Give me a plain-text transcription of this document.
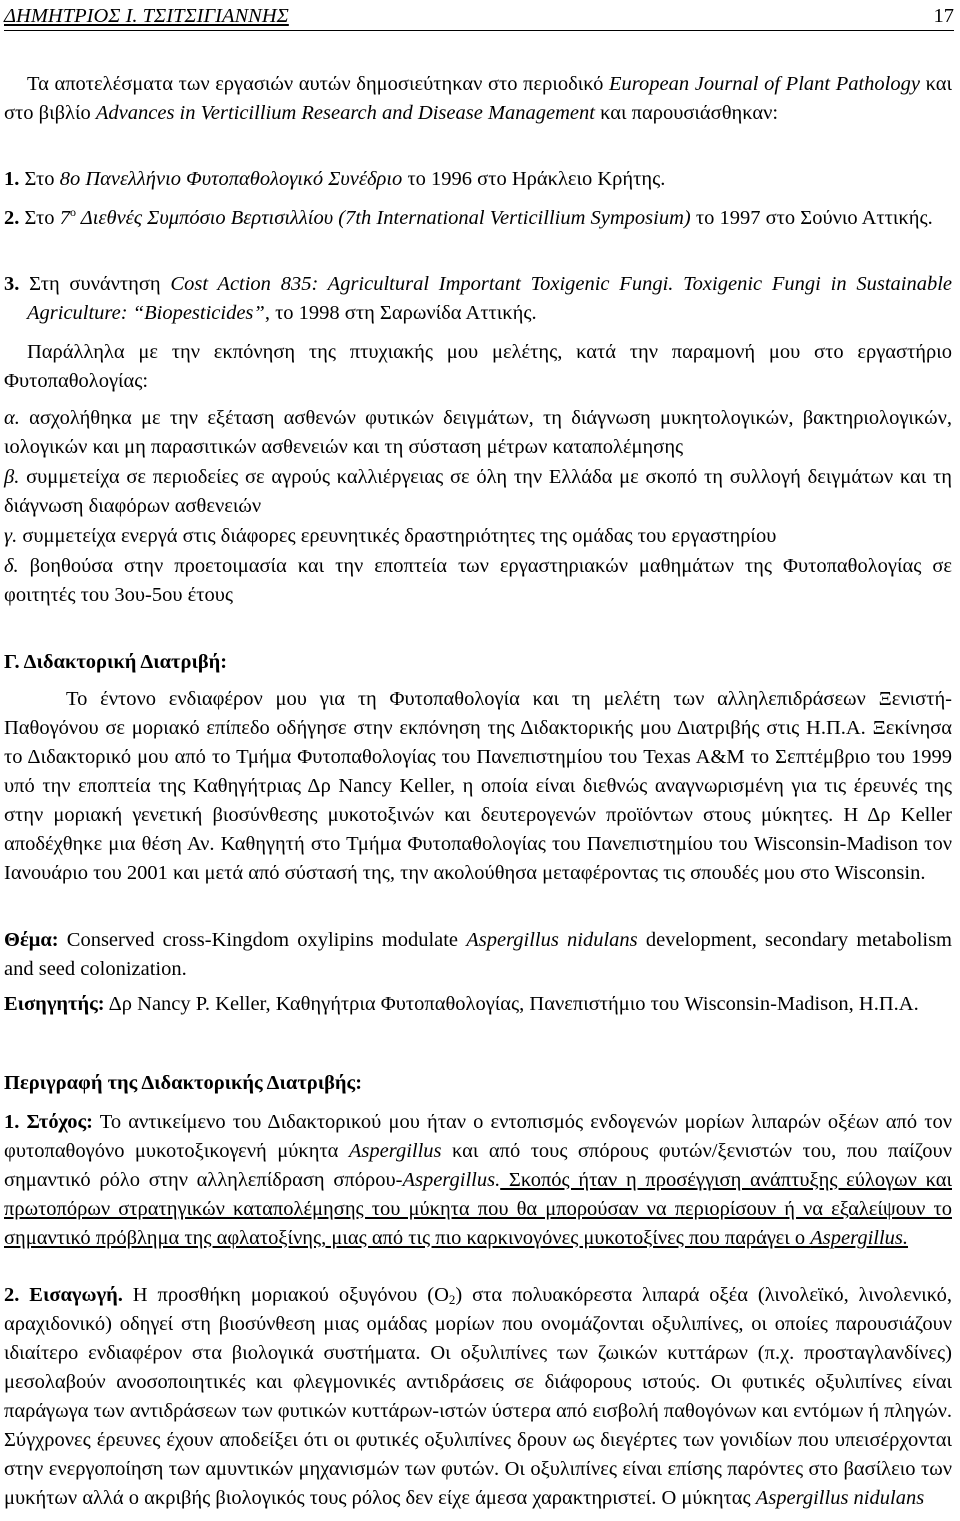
ΔΗΜΗΤΡΙΟΣ Ι. ΤΣΙΤΣΙΓΙΑΝΝΗΣ	17
Τα αποτελέσματα των εργασιών αυτών δημοσιεύτηκαν στο περιοδικό European Journal of Plant Pathology και στο βιβλίο Advances in Verticillium Research and Disease Management και παρουσιάσθηκαν:
1. Στο 8ο Πανελλήνιο Φυτοπαθολογικό Συνέδριο το 1996 στο Ηράκλειο Κρήτης.
2. Στο $7^o$ Διεθνές Συμπόσιο Βερτισιλλίου (7th International Verticillium Symposium) το 1997 στο Σούνιο Αττικής.
3. Στη συνάντηση Cost Action 835: Agricultural Important Toxigenic Fungi. Toxigenic Fungi in Sustainable Agriculture: “Biopesticides”, το 1998 στη Σαρωνίδα Αττικής.
Παράλληλα με την εκπόνηση της πτυχιακής μου μελέτης, κατά την παραμονή μου στο εργαστήριο Φυτοπαθολογίας:
α. ασχολήθηκα με την εξέταση ασθενών φυτικών δειγμάτων, τη διάγνωση μυκητολογικών, βακτηριολογικών, ιολογικών και μη παρασιτικών ασθενειών και τη σύσταση μέτρων καταπολέμησης
β. συμμετείχα σε περιοδείες σε αγρούς καλλιέργειας σε όλη την Ελλάδα με σκοπό τη συλλογή δειγμάτων και τη διάγνωση διαφόρων ασθενειών
γ. συμμετείχα ενεργά στις διάφορες ερευνητικές δραστηριότητες της ομάδας του εργαστηρίου
δ. βοηθούσα στην προετοιμασία και την εποπτεία των εργαστηριακών μαθημάτων της Φυτοπαθολογίας σε φοιτητές του 3ου-5ου έτους
Γ. Διδακτορική Διατριβή:
Το έντονο ενδιαφέρον μου για τη Φυτοπαθολογία και τη μελέτη των αλληλεπιδράσεων Ξενιστή-Παθογόνου σε μοριακό επίπεδο οδήγησε στην εκπόνηση της Διδακτορικής μου Διατριβής στις Η.Π.Α. Ξεκίνησα το Διδακτορικό μου από το Τμήμα Φυτοπαθολογίας του Πανεπιστημίου του Texas A&M το Σεπτέμβριο του 1999 υπό την εποπτεία της Καθηγήτριας Δρ Nancy Keller, η οποία είναι διεθνώς αναγνωρισμένη για τις έρευνές της στην μοριακή γενετική βιοσύνθεσης μυκοτοξινών και δευτερογενών προϊόντων στους μύκητες. Η Δρ Keller αποδέχθηκε μια θέση Αν. Καθηγητή στο Τμήμα Φυτοπαθολογίας του Πανεπιστημίου του Wisconsin-Madison τον Ιανουάριο του 2001 και μετά από σύστασή της, την ακολούθησα μεταφέροντας τις σπουδές μου στο Wisconsin.
Θέμα: Conserved cross-Kingdom oxylipins modulate Aspergillus nidulans development, secondary metabolism and seed colonization.
Εισηγητής: Δρ Nancy P. Keller, Καθηγήτρια Φυτοπαθολογίας, Πανεπιστήμιο του Wisconsin-Madison, Η.Π.Α.
Περιγραφή της Διδακτορικής Διατριβής:
1. Στόχος: Το αντικείμενο του Διδακτορικού μου ήταν ο εντοπισμός ενδογενών μορίων λιπαρών οξέων από τον φυτοπαθογόνο μυκοτοξικογενή μύκητα Aspergillus και από τους σπόρους φυτών/ξενιστών του, που παίζουν σημαντικό ρόλο στην αλληλεπίδραση σπόρου-Aspergillus. Σκοπός ήταν η προσέγγιση ανάπτυξης εύλογων και πρωτοπόρων στρατηγικών καταπολέμησης του μύκητα που θα μπορούσαν να περιορίσουν ή να εξαλείψουν το σημαντικό πρόβλημα της αφλατοξίνης, μιας από τις πιο καρκινογόνες μυκοτοξίνες που παράγει ο Aspergillus.
2. Εισαγωγή. Η προσθήκη μοριακού οξυγόνου $(O_2)$ στα πολυακόρεστα λιπαρά οξέα (λινολεϊκό, λινολενικό, αραχιδονικό) οδηγεί στη βιοσύνθεση μιας ομάδας μορίων που ονομάζονται οξυλιπίνες, οι οποίες παρουσιάζουν ιδιαίτερο ενδιαφέρον στα βιολογικά συστήματα. Οι οξυλιπίνες των ζωικών κυττάρων (π.χ. προσταγλανδίνες) μεσολαβούν ανοσοποιητικές και φλεγμονικές αντιδράσεις σε διάφορους ιστούς. Οι φυτικές οξυλιπίνες είναι παράγωγα των αντιδράσεων των φυτικών κυττάρων-ιστών ύστερα από εισβολή παθογόνων και εντόμων ή πληγών. Σύγχρονες έρευνες έχουν αποδείξει ότι οι φυτικές οξυλιπίνες δρουν ως διεγέρτες των γονιδίων που υπεισέρχονται στην ενεργοποίηση των αμυντικών μηχανισμών των φυτών. Οι οξυλιπίνες είναι επίσης παρόντες στο βασίλειο των μυκήτων αλλά ο ακριβής βιολογικός τους ρόλος δεν είχε άμεσα χαρακτηριστεί. Ο μύκητας Aspergillus nidulans
